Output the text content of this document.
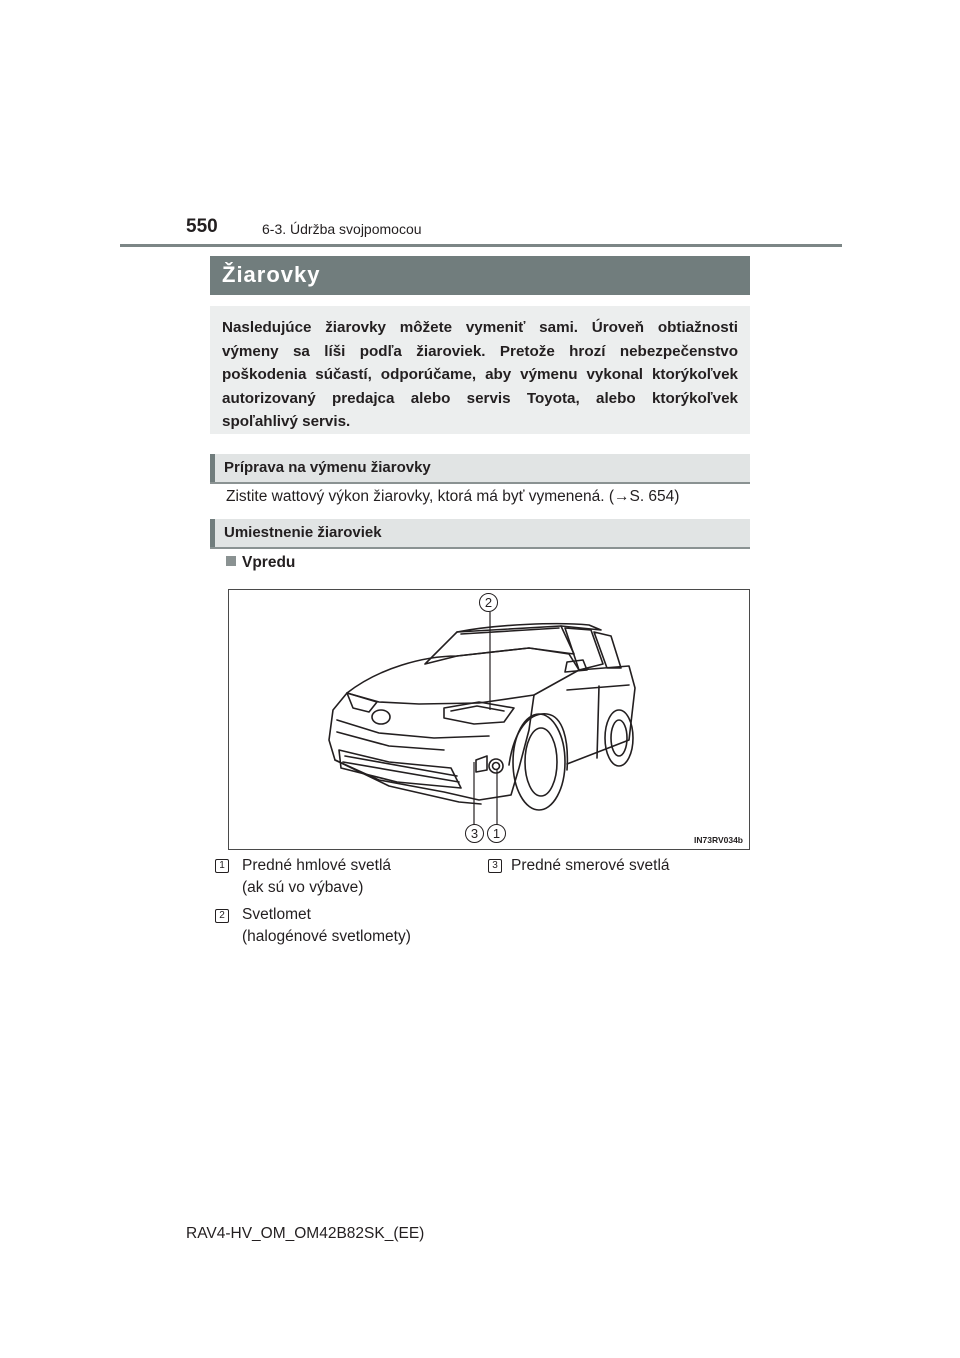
550	6-3. Údržba svojpomocou
Žiarovky
Nasledujúce žiarovky môžete vymeniť sami. Úroveň obtiažnosti výmeny sa líši podľa žiaroviek. Pretože hrozí nebezpečenstvo poškodenia súčastí, odporúčame, aby výmenu vykonal ktorýkoľvek autorizovaný predajca alebo servis Toyota, alebo ktorýkoľvek spoľahlivý servis.
Príprava na výmenu žiarovky
Zistite wattový výkon žiarovky, ktorá má byť vymenená. (→S. 654)
Umiestnenie žiaroviek
Vpredu
2
3	1	IN73RV034b
1 Predné hmlové svetlá
(ak sú vo výbave)
2 Svetlomet
(halogénové svetlomety)
3 Predné smerové svetlá
RAV4-HV_OM_OM42B82SK_(EE)
